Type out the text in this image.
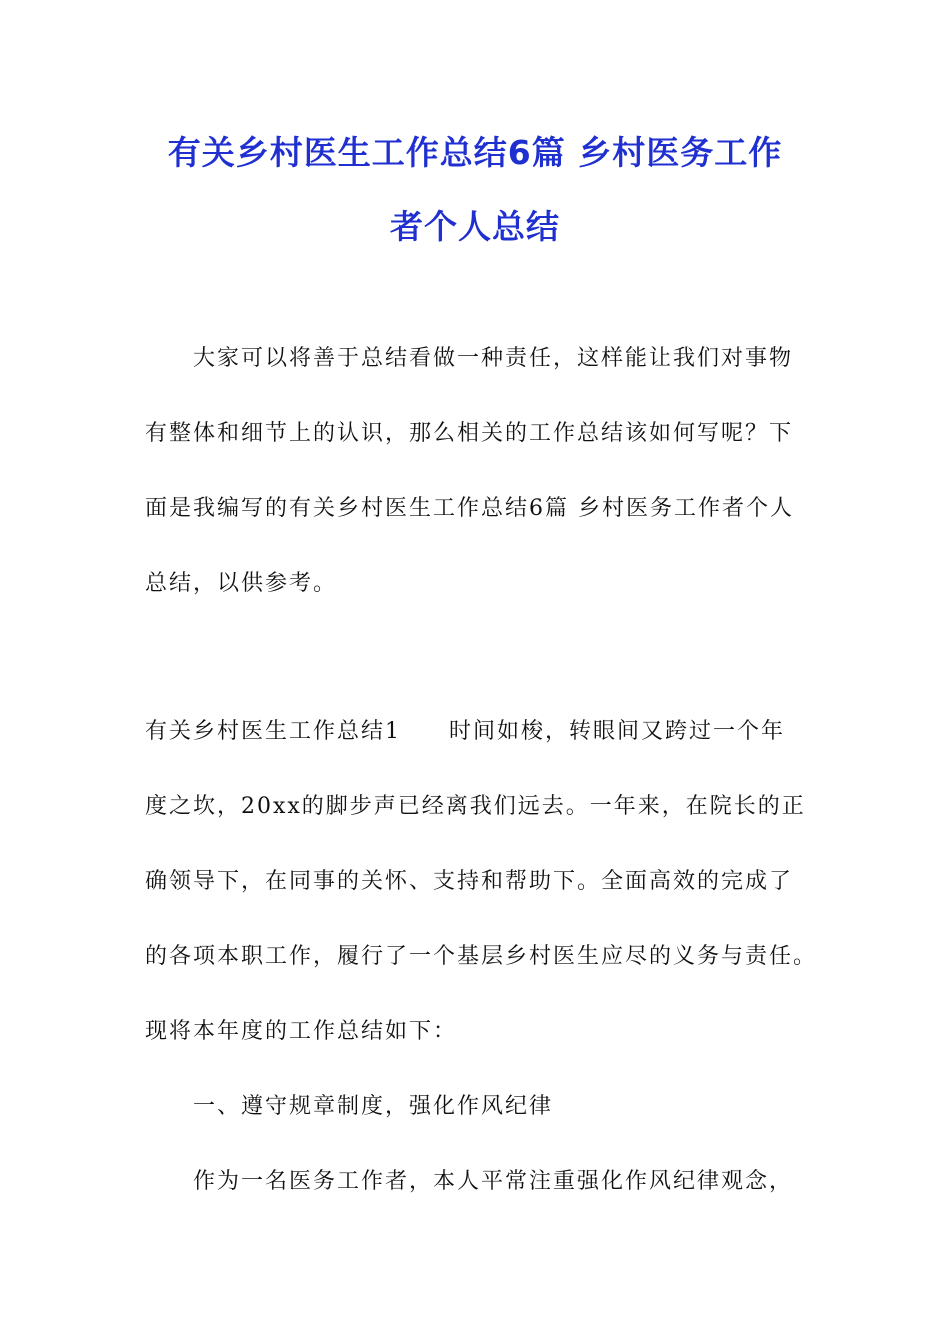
有关乡村医生工作总结6篇 乡村医务工作
者个人总结
大家可以将善于总结看做一种责任，这样能让我们对事物
有整体和细节上的认识，那么相关的工作总结该如何写呢？下
面是我编写的有关乡村医生工作总结6篇 乡村医务工作者个人
总结，以供参考。
有关乡村医生工作总结1　　时间如梭，转眼间又跨过一个年
度之坎，20xx的脚步声已经离我们远去。一年来，在院长的正
确领导下，在同事的关怀、支持和帮助下。全面高效的完成了
的各项本职工作，履行了一个基层乡村医生应尽的义务与责任。
现将本年度的工作总结如下：
一、遵守规章制度，强化作风纪律
作为一名医务工作者，本人平常注重强化作风纪律观念，
